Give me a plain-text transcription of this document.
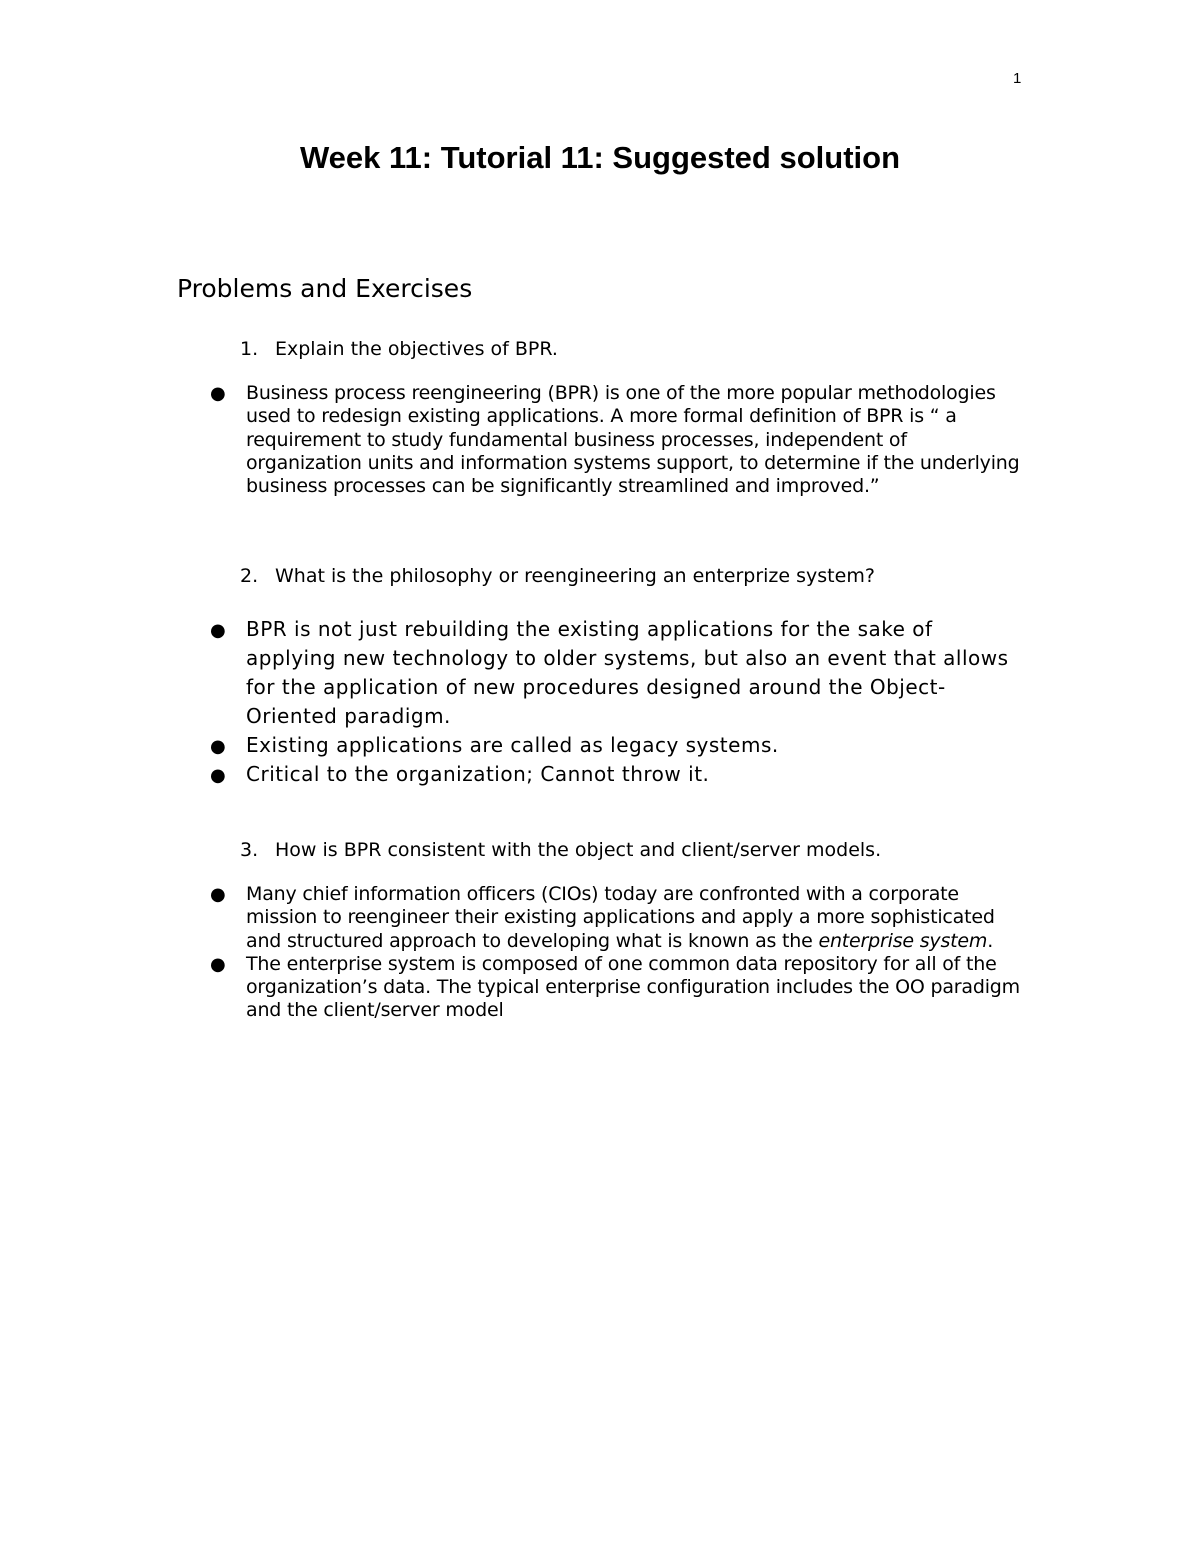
1
Week 11: Tutorial 11: Suggested solution
Problems and Exercises
1. Explain the objectives of BPR.
● Business process reengineering (BPR) is one of the more popular methodologies used to redesign existing applications. A more formal definition of BPR is “ a requirement to study fundamental business processes, independent of organization units and information systems support, to determine if the underlying business processes can be significantly streamlined and improved.”
2. What is the philosophy or reengineering an enterprize system?
● BPR is not just rebuilding the existing applications for the sake of applying new technology to older systems, but also an event that allows for the application of new procedures designed around the Object-Oriented paradigm.
● Existing applications are called as legacy systems.
● Critical to the organization; Cannot throw it.
3. How is BPR consistent with the object and client/server models.
● Many chief information officers (CIOs) today are confronted with a corporate mission to reengineer their existing applications and apply a more sophisticated and structured approach to developing what is known as the enterprise system.
● The enterprise system is composed of one common data repository for all of the organization’s data. The typical enterprise configuration includes the OO paradigm and the client/server model
